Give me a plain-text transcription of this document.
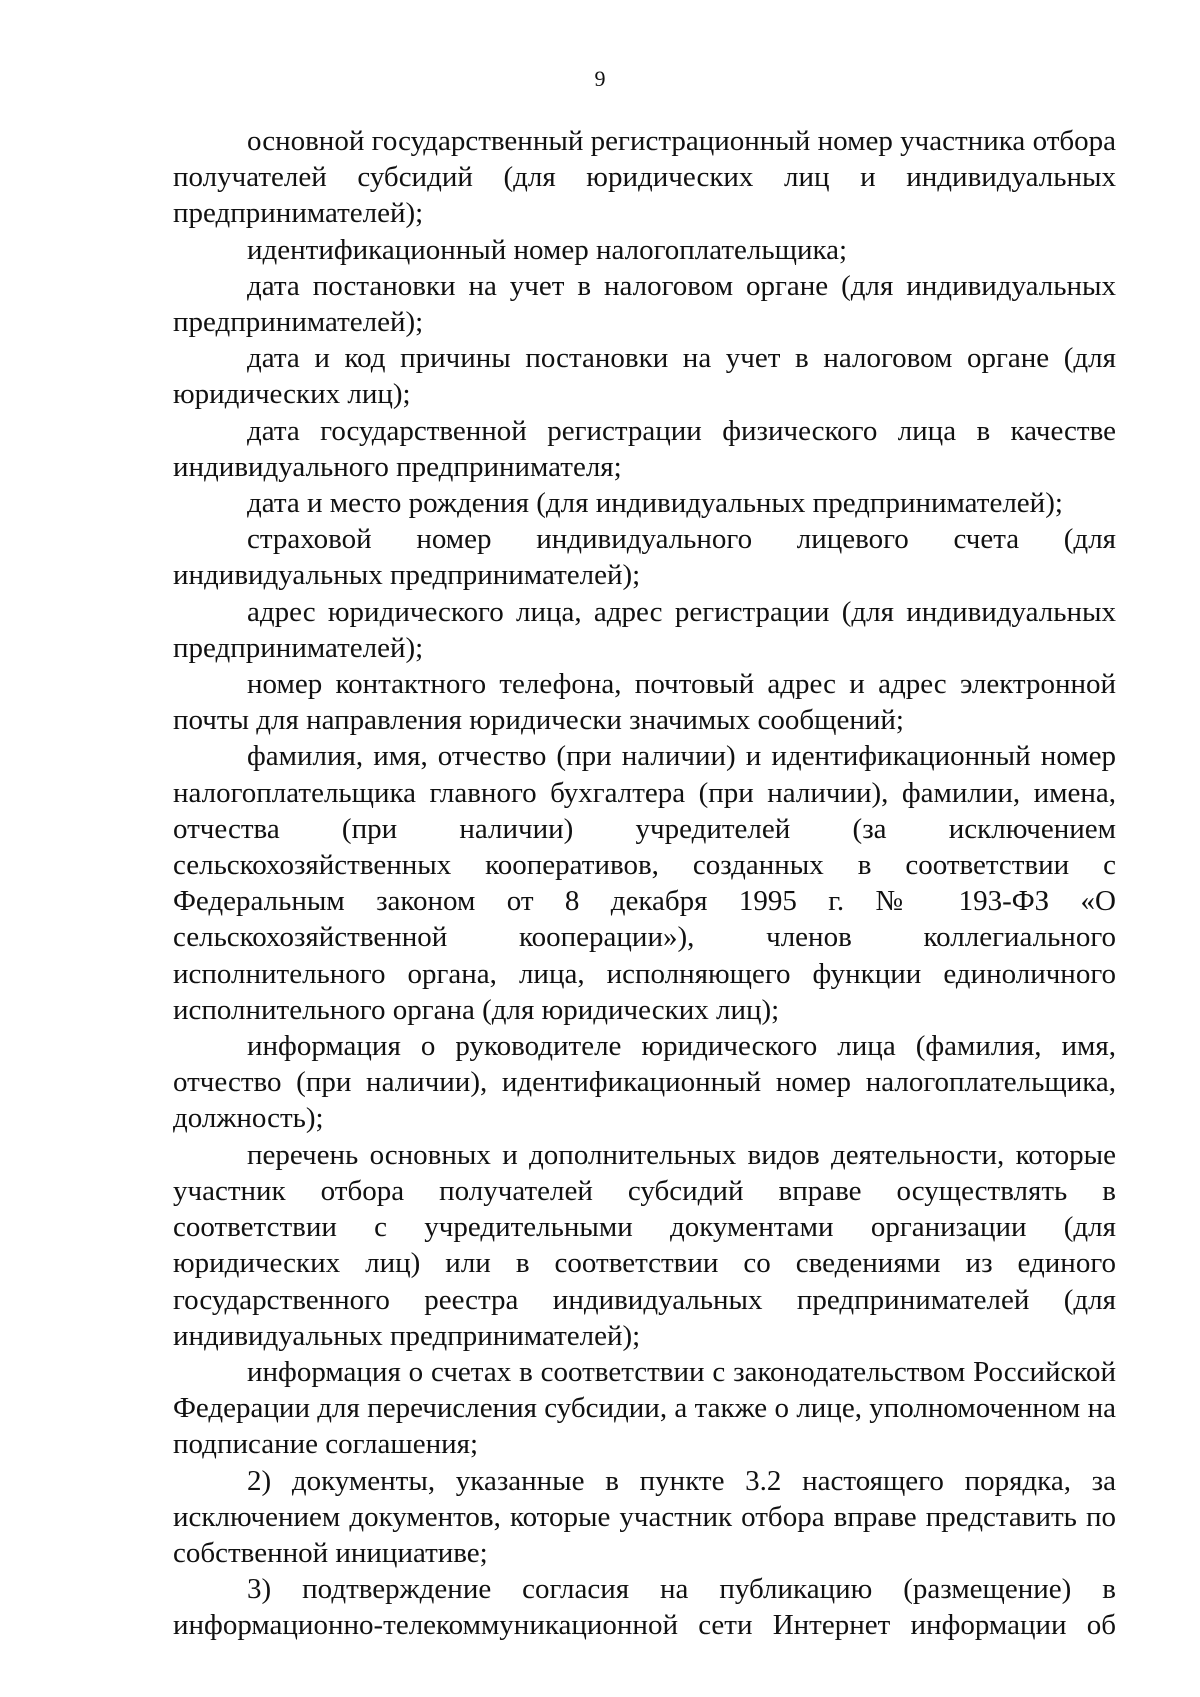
9

основной государственный регистрационный номер участника отбора получателей субсидий (для юридических лиц и индивидуальных предпринимателей);

идентификационный номер налогоплательщика;

дата постановки на учет в налоговом органе (для индивидуальных предпринимателей);

дата и код причины постановки на учет в налоговом органе (для юридических лиц);

дата государственной регистрации физического лица в качестве индивидуального предпринимателя;

дата и место рождения (для индивидуальных предпринимателей);

страховой номер индивидуального лицевого счета (для индивидуальных предпринимателей);

адрес юридического лица, адрес регистрации (для индивидуальных предпринимателей);

номер контактного телефона, почтовый адрес и адрес электронной почты для направления юридически значимых сообщений;

фамилия, имя, отчество (при наличии) и идентификационный номер налогоплательщика главного бухгалтера (при наличии), фамилии, имена, отчества (при наличии) учредителей (за исключением сельскохозяйственных кооперативов, созданных в соответствии с Федеральным законом от 8 декабря 1995 г. № 193-ФЗ «О сельскохозяйственной кооперации»), членов коллегиального исполнительного органа, лица, исполняющего функции единоличного исполнительного органа (для юридических лиц);

информация о руководителе юридического лица (фамилия, имя, отчество (при наличии), идентификационный номер налогоплательщика, должность);

перечень основных и дополнительных видов деятельности, которые участник отбора получателей субсидий вправе осуществлять в соответствии с учредительными документами организации (для юридических лиц) или в соответствии со сведениями из единого государственного реестра индивидуальных предпринимателей (для индивидуальных предпринимателей);

информация о счетах в соответствии с законодательством Российской Федерации для перечисления субсидии, а также о лице, уполномоченном на подписание соглашения;

2) документы, указанные в пункте 3.2 настоящего порядка, за исключением документов, которые участник отбора вправе представить по собственной инициативе;

3) подтверждение согласия на публикацию (размещение) в информационно-телекоммуникационной сети Интернет информации об
